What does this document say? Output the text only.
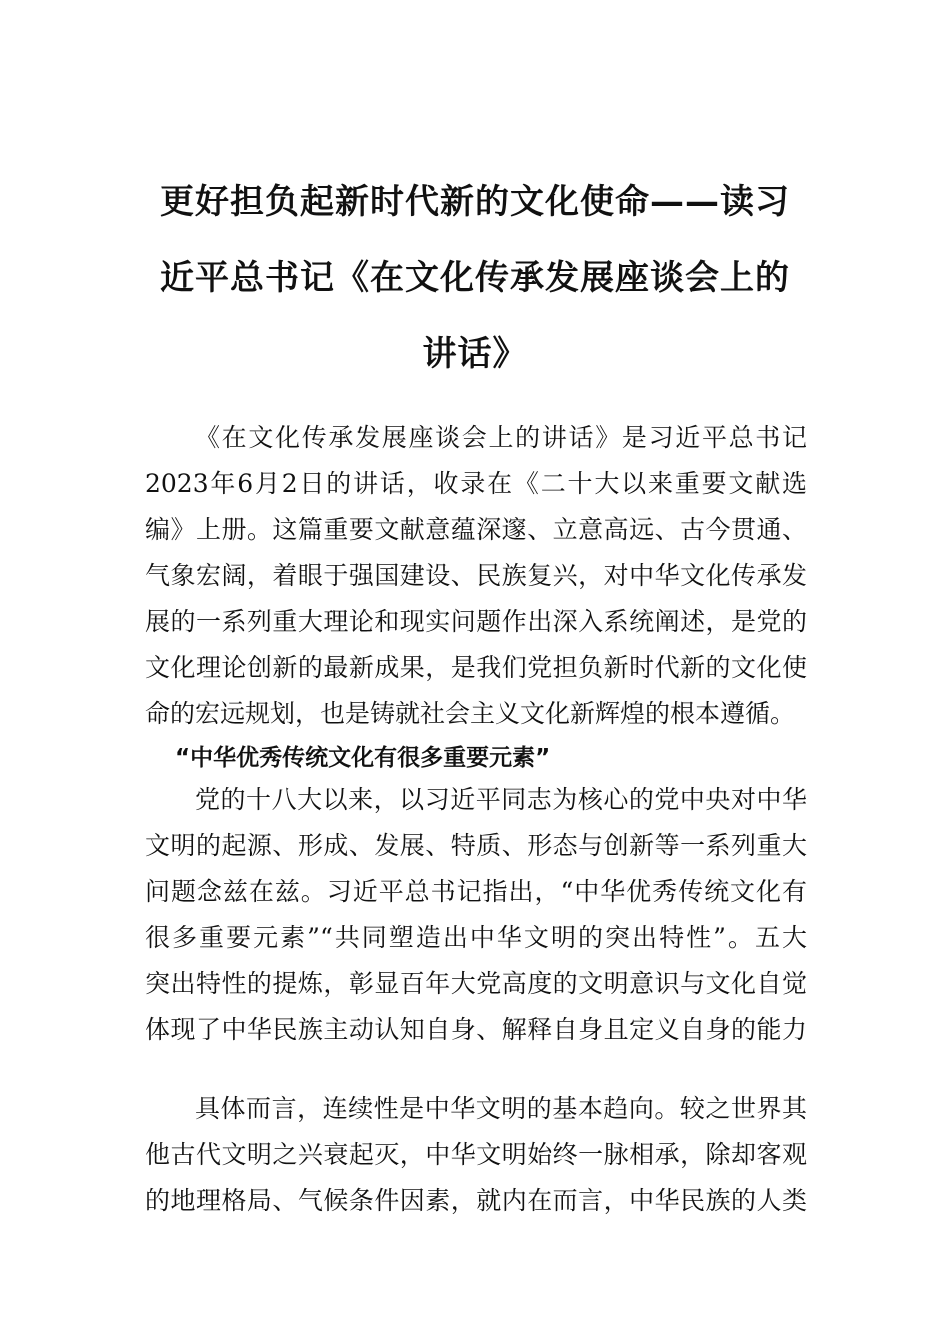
更好担负起新时代新的文化使命——读习
近平总书记《在文化传承发展座谈会上的
讲话》

《在文化传承发展座谈会上的讲话》是习近平总书记

2023年6月2日的讲话，收录在《二十大以来重要文献选

编》上册。这篇重要文献意蕴深邃、立意高远、古今贯通、

气象宏阔，着眼于强国建设、民族复兴，对中华文化传承发

展的一系列重大理论和现实问题作出深入系统阐述，是党的

文化理论创新的最新成果，是我们党担负新时代新的文化使

命的宏远规划，也是铸就社会主义文化新辉煌的根本遵循。

“中华优秀传统文化有很多重要元素”

党的十八大以来，以习近平同志为核心的党中央对中华

文明的起源、形成、发展、特质、形态与创新等一系列重大

问题念兹在兹。习近平总书记指出，“中华优秀传统文化有

很多重要元素”“共同塑造出中华文明的突出特性”。五大

突出特性的提炼，彰显百年大党高度的文明意识与文化自觉

体现了中华民族主动认知自身、解释自身且定义自身的能力

具体而言，连续性是中华文明的基本趋向。较之世界其

他古代文明之兴衰起灭，中华文明始终一脉相承，除却客观

的地理格局、气候条件因素，就内在而言，中华民族的人类
